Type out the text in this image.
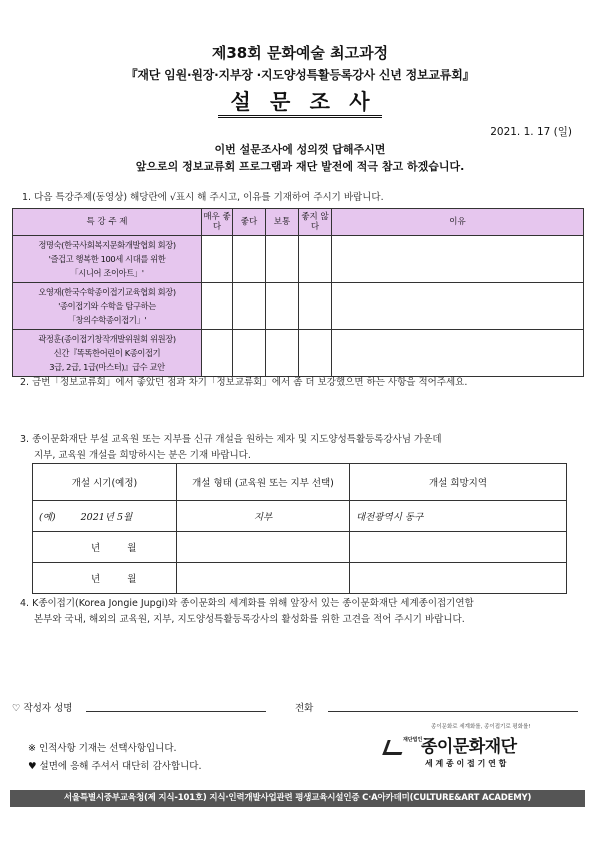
제38회 문화예술 최고과정
『재단 임원·원장·지부장 ·지도양성특활등록강사 신년 정보교류회』
설 문 조 사
2021. 1. 17 (일)
이번 설문조사에 성의껏 답해주시면
앞으로의 정보교류회 프로그램과 재단 발전에 적극 참고 하겠습니다.
1. 다음 특강주제(동영상) 해당란에 √표시 해 주시고, 이유를 기재하여 주시기 바랍니다.
특 강 주 제	매우 좋다	좋다	보통	좋지 않다	이유

정명숙(한국사회복지문화개발협회 회장)
'즐겁고 행복한 100세 시대를 위한
「시니어 조이아트」'					

오영재(한국수학종이접기교육협회 회장)
'종이접기와 수학을 탐구하는
「창의수학종이접기」'					

곽정훈(종이접기창작개발위원회 위원장)
신간『똑똑한어린이 K종이접기
3급, 2급, 1급(마스터)』급수 교안					

2. 금번「정보교류회」에서 좋았던 점과 차기「정보교류회」에서 좀 더 보강했으면 하는 사항을 적어주세요.
3. 종이문화재단 부설 교육원 또는 지부를 신규 개설을 원하는 제자 및 지도양성특활등록강사님 가운데
지부, 교육원 개설을 희망하시는 분은 기재 바랍니다.
개설 시기(예정)	개설 형태 (교육원 또는 지부 선택)	개설 희망지역
(예) 2021년 5월	지부	대전광역시 동구
년 월		
년 월		
4. K종이접기(Korea Jongie Jupgi)와 종이문화의 세계화를 위해 앞장서 있는 종이문화재단 세계종이접기연합
본부와 국내, 해외의 교육원, 지부, 지도양성특활등록강사의 활성화를 위한 고견을 적어 주시기 바랍니다.
♡ 작성자 성명	전화
※ 인적사항 기재는 선택사항입니다.
♥ 설면에 응해 주셔서 대단히 감사합니다.
종이문화로 세계화를, 종이접기로 평화를!
재단법인
종이문화재단
세 계 종 이 접 기 연 합
서울특별시중부교육청(제 지식-101호) 지식·인력개발사업관련 평생교육시설인증 C·A아카데미(CULTURE&ART ACADEMY)
